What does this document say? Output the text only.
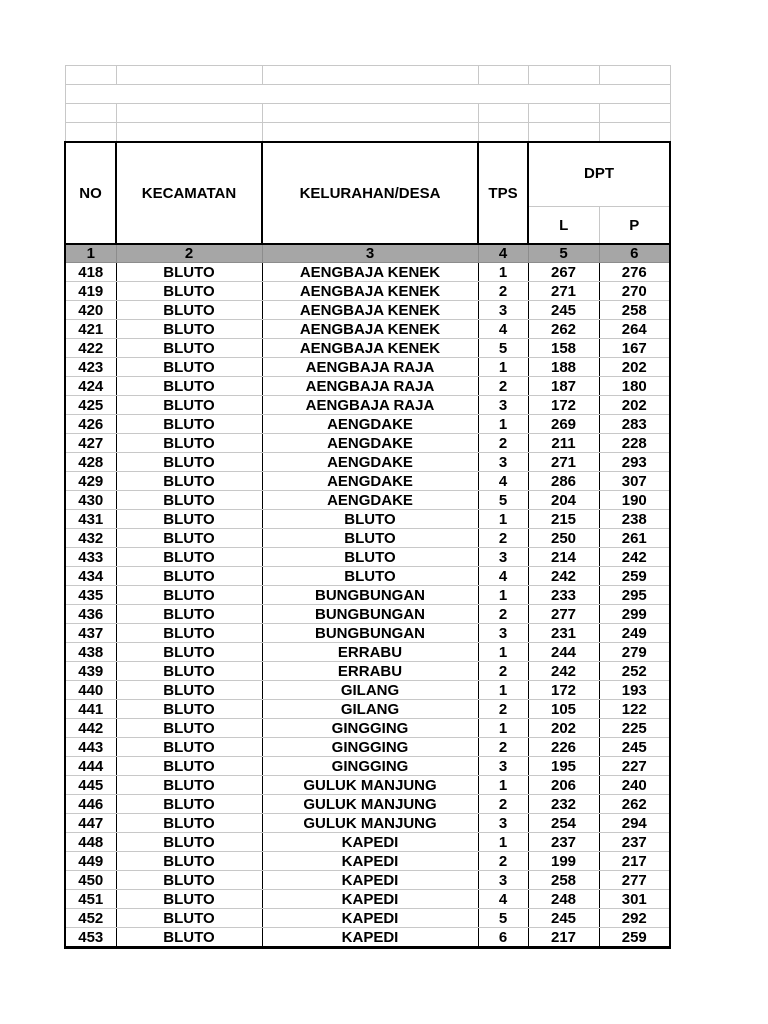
NO	KECAMATAN	KELURAHAN/DESA	TPS	DPT	
				L	P
1	2	3	4	5	6
418	BLUTO	AENGBAJA KENEK	1	267	276
419	BLUTO	AENGBAJA KENEK	2	271	270
420	BLUTO	AENGBAJA KENEK	3	245	258
421	BLUTO	AENGBAJA KENEK	4	262	264
422	BLUTO	AENGBAJA KENEK	5	158	167
423	BLUTO	AENGBAJA RAJA	1	188	202
424	BLUTO	AENGBAJA RAJA	2	187	180
425	BLUTO	AENGBAJA RAJA	3	172	202
426	BLUTO	AENGDAKE	1	269	283
427	BLUTO	AENGDAKE	2	211	228
428	BLUTO	AENGDAKE	3	271	293
429	BLUTO	AENGDAKE	4	286	307
430	BLUTO	AENGDAKE	5	204	190
431	BLUTO	BLUTO	1	215	238
432	BLUTO	BLUTO	2	250	261
433	BLUTO	BLUTO	3	214	242
434	BLUTO	BLUTO	4	242	259
435	BLUTO	BUNGBUNGAN	1	233	295
436	BLUTO	BUNGBUNGAN	2	277	299
437	BLUTO	BUNGBUNGAN	3	231	249
438	BLUTO	ERRABU	1	244	279
439	BLUTO	ERRABU	2	242	252
440	BLUTO	GILANG	1	172	193
441	BLUTO	GILANG	2	105	122
442	BLUTO	GINGGING	1	202	225
443	BLUTO	GINGGING	2	226	245
444	BLUTO	GINGGING	3	195	227
445	BLUTO	GULUK MANJUNG	1	206	240
446	BLUTO	GULUK MANJUNG	2	232	262
447	BLUTO	GULUK MANJUNG	3	254	294
448	BLUTO	KAPEDI	1	237	237
449	BLUTO	KAPEDI	2	199	217
450	BLUTO	KAPEDI	3	258	277
451	BLUTO	KAPEDI	4	248	301
452	BLUTO	KAPEDI	5	245	292
453	BLUTO	KAPEDI	6	217	259
